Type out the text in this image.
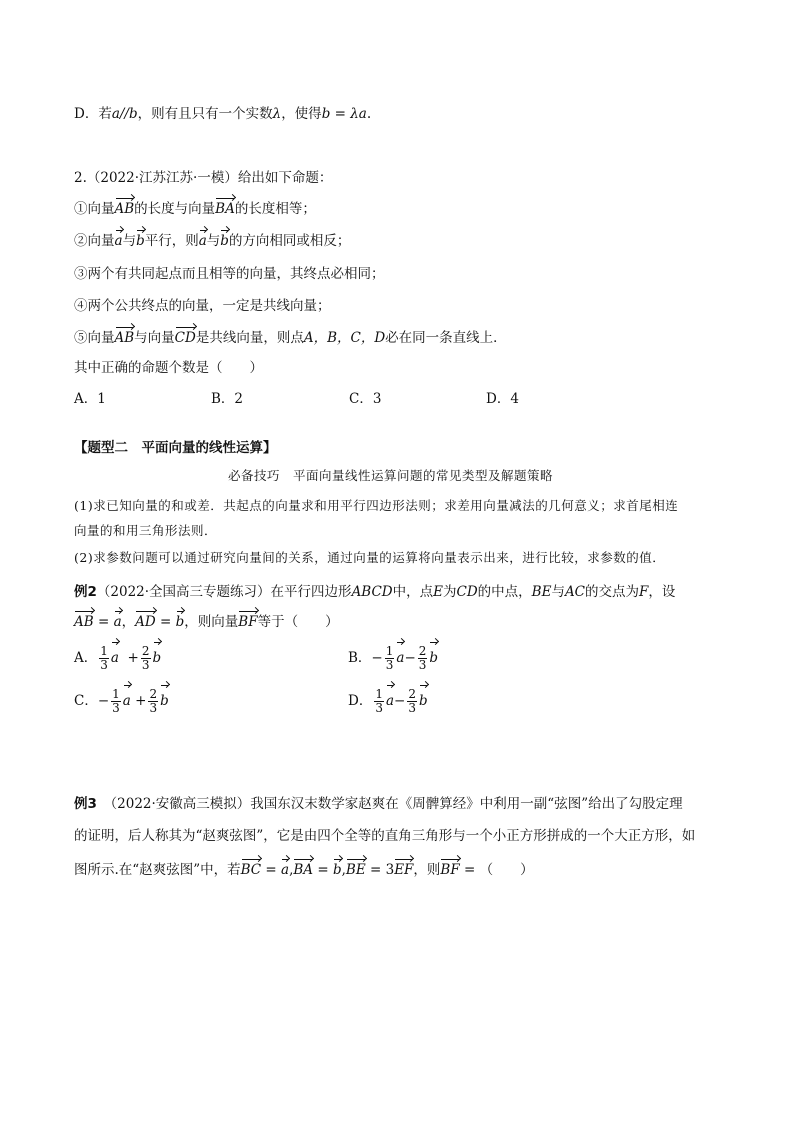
D．若a//b，则有且只有一个实数λ，使得b = λa.
2.（2022·江苏江苏·一模）给出如下命题：
①向量AB的长度与向量BA的长度相等；
②向量a与b平行，则a与b的方向相同或相反；
③两个有共同起点而且相等的向量，其终点必相同；
④两个公共终点的向量，一定是共线向量；
⑤向量AB与向量CD是共线向量，则点A，B，C，D必在同一条直线上．
其中正确的命题个数是（　　）
A．1	B．2	C．3	D．4
【题型二　平面向量的线性运算】
必备技巧　平面向量线性运算问题的常见类型及解题策略
(1)求已知向量的和或差．共起点的向量求和用平行四边形法则；求差用向量减法的几何意义；求首尾相连
向量的和用三角形法则．
(2)求参数问题可以通过研究向量间的关系，通过向量的运算将向量表示出来，进行比较，求参数的值．
例2（2022·全国高三专题练习）在平行四边形ABCD中，点E为CD的中点，BE与AC的交点为F，设
AB = a，AD = b，则向量BF等于（　　）
A． $\frac{1}{3}$ $a + \frac{2}{3}$ b	B．− $\frac{1}{3} a- \frac{2}{3}$ b
C．− $\frac{1}{3}$ $a + \frac{2}{3}$ b	D． $\frac{1}{3} a- \frac{2}{3}$ b
例3　（2022·安徽高三模拟）我国东汉末数学家赵爽在《周髀算经》中利用一副“弦图”给出了勾股定理
的证明，后人称其为“赵爽弦图”，它是由四个全等的直角三角形与一个小正方形拼成的一个大正方形，如
图所示.在“赵爽弦图”中，若BC = a,BA = b,BE = 3EF，则BF = （　　）
